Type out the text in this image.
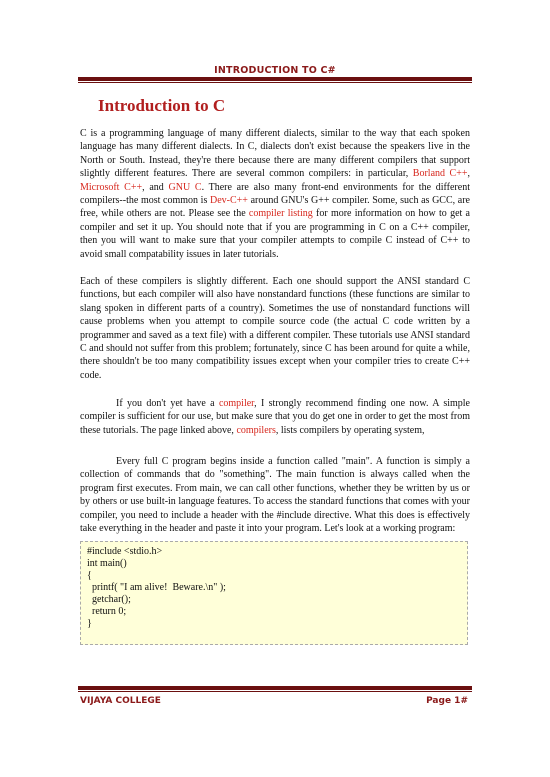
INTRODUCTION TO C#
Introduction to C
C is a programming language of many different dialects, similar to the way that each spoken language has many different dialects. In C, dialects don't exist because the speakers live in the North or South. Instead, they're there because there are many different compilers that support slightly different features. There are several common compilers: in particular, Borland C++, Microsoft C++, and GNU C. There are also many front-end environments for the different compilers--the most common is Dev-C++ around GNU's G++ compiler. Some, such as GCC, are free, while others are not. Please see the compiler listing for more information on how to get a compiler and set it up. You should note that if you are programming in C on a C++ compiler, then you will want to make sure that your compiler attempts to compile C instead of C++ to avoid small compatability issues in later tutorials.
Each of these compilers is slightly different. Each one should support the ANSI standard C functions, but each compiler will also have nonstandard functions (these functions are similar to slang spoken in different parts of a country). Sometimes the use of nonstandard functions will cause problems when you attempt to compile source code (the actual C code written by a programmer and saved as a text file) with a different compiler. These tutorials use ANSI standard C and should not suffer from this problem; fortunately, since C has been around for quite a while, there shouldn't be too many compatibility issues except when your compiler tries to create C++ code.
If you don't yet have a compiler, I strongly recommend finding one now. A simple compiler is sufficient for our use, but make sure that you do get one in order to get the most from these tutorials. The page linked above, compilers, lists compilers by operating system,
Every full C program begins inside a function called "main". A function is simply a collection of commands that do "something". The main function is always called when the program first executes. From main, we can call other functions, whether they be written by us or by others or use built-in language features. To access the standard functions that comes with your compiler, you need to include a header with the #include directive. What this does is effectively take everything in the header and paste it into your program. Let's look at a working program:
#include <stdio.h>
int main()
{
printf( "I am alive!  Beware.\n" );
getchar();
return 0;
}
VIJAYA COLLEGE	Page 1#
